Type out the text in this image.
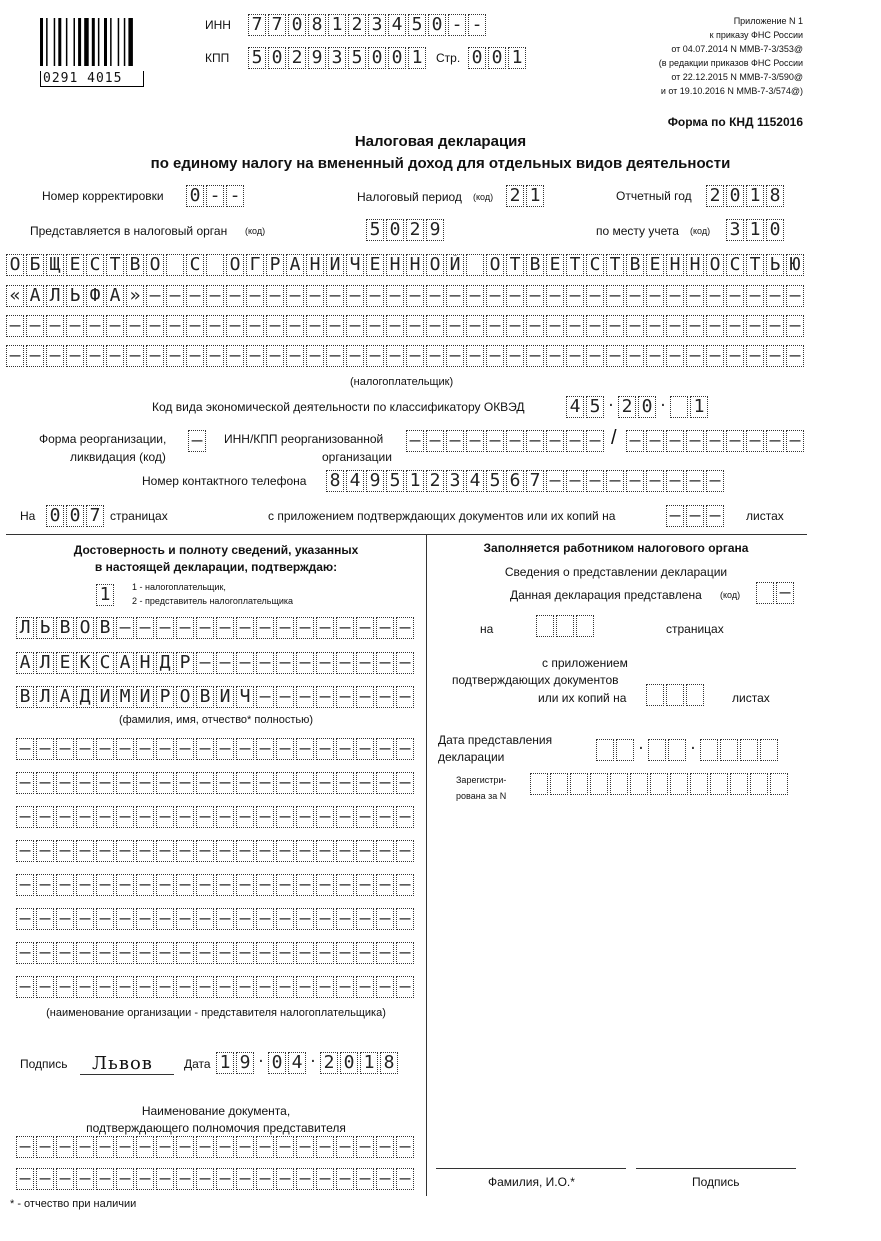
0291 4015
ИНН 7 7 0 8 1 2 3 4 5 0 - -
КПП 5 0 2 9 3 5 0 0 1 Стр. 0 0 1
Приложение N 1
к приказу ФНС России
от 04.07.2014 N ММВ-7-3/353@
(в редакции приказов ФНС России
от 22.12.2015 N ММВ-7-3/590@
и от 19.10.2016 N ММВ-7-3/574@)
Форма по КНД 1152016
Налоговая декларация
по единому налогу на вмененный доход для отдельных видов деятельности
Номер корректировки 0 - -	Налоговый период (код) 2 1	Отчетный год 2 0 1 8
Представляется в налоговый орган (код)	5 0 2 9	по месту учета (код) 3 1 0
О Б Щ Е С Т В О С О Г Р А Н И Ч Е Н Н О Й О Т В Е Т С Т В Е Н Н О С Т Ь Ю
« А Л Ь Ф А » – – – – – – – – – – – – – – – – – – – – – – – – – – – – – – – – –
– – – – – – – – – – – – – – – – – – – – – – – – – – – – – – – – – – – – – – – –
– – – – – – – – – – – – – – – – – – – – – – – – – – – – – – – – – – – – – – – –
(налогоплательщик)
Код вида экономической деятельности по классификатору ОКВЭД	4 5 · 2 0 · 1
Форма реорганизации,
ликвидация (код)
– ИНН/КПП реорганизованной
организации
– – – – – – – – – – / – – – – – – – – –
Номер контактного телефона 8 4 9 5 1 2 3 4 5 6 7 – – – – – – – – –
На 0 0 7 страницах	с приложением подтверждающих документов или их копий на	– – – листах
Достоверность и полноту сведений, указанных
в настоящей декларации, подтверждаю:
1	1 - налогоплательщик,
2 - представитель налогоплательщика
Л Ь В О В – – – – – – – – – – – – – – –
А Л Е К С А Н Д Р – – – – – – – – – – –
В Л А Д И М И Р О В И Ч – – – – – – – –
(фамилия, имя, отчество* полностью)
– – – – – – – – – – – – – – – – – – – –
– – – – – – – – – – – – – – – – – – – –
– – – – – – – – – – – – – – – – – – – –
– – – – – – – – – – – – – – – – – – – –
– – – – – – – – – – – – – – – – – – – –
– – – – – – – – – – – – – – – – – – – –
– – – – – – – – – – – – – – – – – – – –
– – – – – – – – – – – – – – – – – – – –
(наименование организации - представителя налогоплательщика)
Подпись Львов	Дата 1 9 · 0 4 · 2 0 1 8
Наименование документа,
подтверждающего полномочия представителя
– – – – – – – – – – – – – – – – – – – –
– – – – – – – – – – – – – – – – – – – –
* - отчество при наличии
Заполняется работником налогового органа
Сведения о представлении декларации
Данная декларация представлена (код) –
на	страницах
с приложением
подтверждающих документов
или их копий на	листах
Дата представления
декларации	·	·
Зарегистри-
рована за N
Фамилия, И.О.*	Подпись
